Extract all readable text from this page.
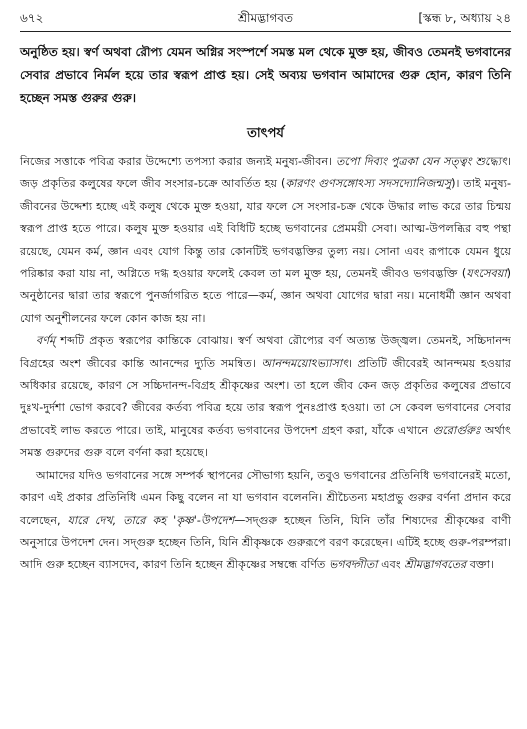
৬৭২	শ্রীমদ্ভাগবত	[স্কন্ধ ৮, অধ্যায় ২৪
অনুষ্ঠিত হয়। স্বর্ণ অথবা রৌপ্য যেমন অগ্নির সংস্পর্শে সমস্ত মল থেকে মুক্ত হয়, জীবও তেমনই ভগবানের সেবার প্রভাবে নির্মল হয়ে তার স্বরূপ প্রাপ্ত হয়। সেই অব্যয় ভগবান আমাদের গুরু হোন, কারণ তিনি হচ্ছেন সমস্ত গুরুর গুরু।
তাৎপর্য

নিজের সত্তাকে পবিত্র করার উদ্দেশ্যে তপস্যা করার জন্যই মনুষ্য-জীবন। তপো দিব্যং পুত্রকা যেন সত্ত্বং শুদ্ধ্যেৎ। জড় প্রকৃতির কলুষের ফলে জীব সংসার-চক্রে আবর্তিত হয় (কারণং গুণসঙ্গোঽস্য সদসদ্যোনিজন্মসু)। তাই মনুষ্য-জীবনের উদ্দেশ্য হচ্ছে এই কলুষ থেকে মুক্ত হওয়া, যার ফলে সে সংসার-চক্র থেকে উদ্ধার লাভ করে তার চিন্ময় স্বরূপ প্রাপ্ত হতে পারে। কলুষ মুক্ত হওয়ার এই বিধিটি হচ্ছে ভগবানের প্রেমময়ী সেবা। আত্ম-উপলব্ধির বহু পন্থা রয়েছে, যেমন কর্ম, জ্ঞান এবং যোগ কিন্তু তার কোনটিই ভগবদ্ভক্তির তুল্য নয়। সোনা এবং রূপাকে যেমন ধুয়ে পরিষ্কার করা যায় না, অগ্নিতে দগ্ধ হওয়ার ফলেই কেবল তা মল মুক্ত হয়, তেমনই জীবও ভগবদ্ভক্তি (যৎসেবয়া) অনুষ্ঠানের দ্বারা তার স্বরূপে পুনর্জাগরিত হতে পারে—কর্ম, জ্ঞান অথবা যোগের দ্বারা নয়। মনোধর্মী জ্ঞান অথবা যোগ অনুশীলনের ফলে কোন কাজ হয় না।

বর্ণম্ শব্দটি প্রকৃত স্বরূপের কান্তিকে বোঝায়। স্বর্ণ অথবা রৌপ্যের বর্ণ অত্যন্ত উজ্জ্বল। তেমনই, সচ্চিদানন্দ বিগ্রহের অংশ জীবের কান্তি আনন্দের দ্যুতি সমন্বিত। আনন্দময়োঽভ্যাসাৎ। প্রতিটি জীবেরই আনন্দময় হওয়ার অধিকার রয়েছে, কারণ সে সচ্চিদানন্দ-বিগ্রহ শ্রীকৃষ্ণের অংশ। তা হলে জীব কেন জড় প্রকৃতির কলুষের প্রভাবে দুঃখ-দুর্দশা ভোগ করবে? জীবের কর্তব্য পবিত্র হয়ে তার স্বরূপ পুনঃপ্রাপ্ত হওয়া। তা সে কেবল ভগবানের সেবার প্রভাবেই লাভ করতে পারে। তাই, মানুষের কর্তব্য ভগবানের উপদেশ গ্রহণ করা, যাঁকে এখানে গুরোর্গুরুঃ অর্থাৎ সমস্ত গুরুদের গুরু বলে বর্ণনা করা হয়েছে।

আমাদের যদিও ভগবানের সঙ্গে সম্পর্ক স্থাপনের সৌভাগ্য হয়নি, তবুও ভগবানের প্রতিনিধি ভগবানেরই মতো, কারণ এই প্রকার প্রতিনিধি এমন কিছু বলেন না যা ভগবান বলেননি। শ্রীচৈতন্য মহাপ্রভু গুরুর বর্ণনা প্রদান করে বলেছেন, যারে দেখ, তারে কহ 'কৃষ্ণ'-উপদেশ—সদ্গুরু হচ্ছেন তিনি, যিনি তাঁর শিষ্যদের শ্রীকৃষ্ণের বাণী অনুসারে উপদেশ দেন। সদ্গুরু হচ্ছেন তিনি, যিনি শ্রীকৃষ্ণকে গুরুরূপে বরণ করেছেন। এটিই হচ্ছে গুরু-পরম্পরা। আদি গুরু হচ্ছেন ব্যাসদেব, কারণ তিনি হচ্ছেন শ্রীকৃষ্ণের সম্বন্ধে বর্ণিত ভগবদ্গীতা এবং শ্রীমদ্ভাগবতের বক্তা।
